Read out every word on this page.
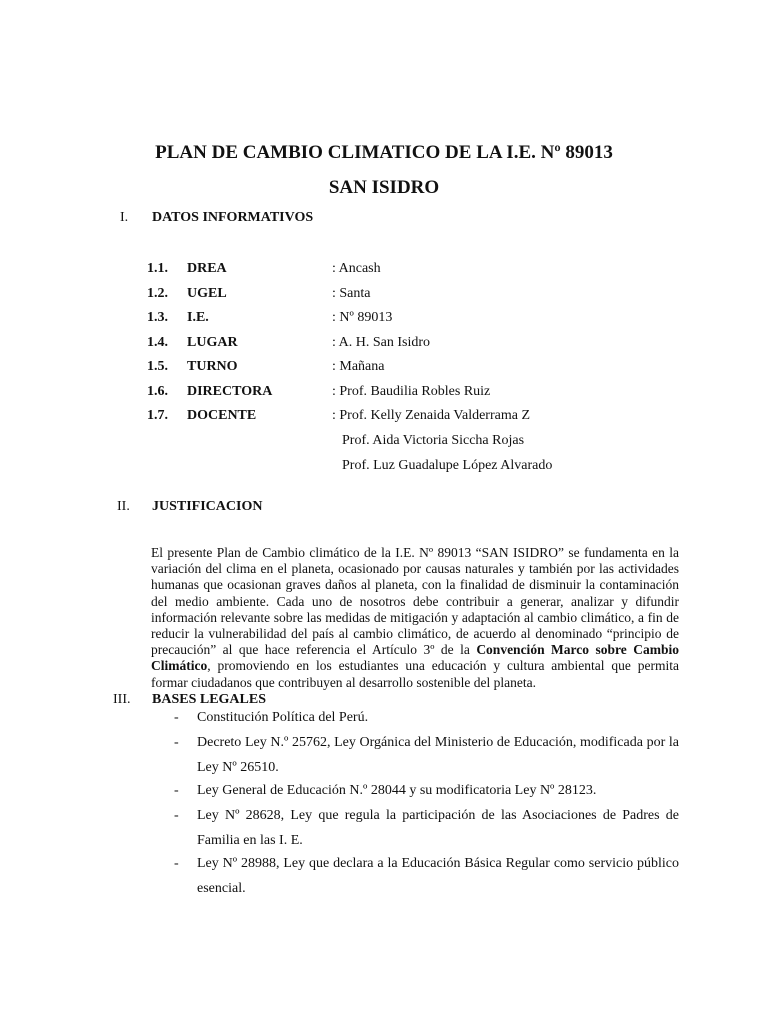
PLAN DE CAMBIO CLIMATICO DE LA I.E. Nº 89013
SAN ISIDRO
I. DATOS INFORMATIVOS
1.1. DREA	: Ancash
1.2. UGEL	: Santa
1.3. I.E.	: Nº 89013
1.4. LUGAR	: A. H. San Isidro
1.5. TURNO	: Mañana
1.6. DIRECTORA	: Prof. Baudilia Robles Ruiz
1.7. DOCENTE	: Prof. Kelly Zenaida Valderrama Z
Prof. Aida Victoria Siccha Rojas
Prof. Luz Guadalupe López Alvarado
II. JUSTIFICACION

El presente Plan de Cambio climático de la I.E. Nº 89013 “SAN ISIDRO” se fundamenta en la variación del clima en el planeta, ocasionado por causas naturales y también por las actividades humanas que ocasionan graves daños al planeta, con la finalidad de disminuir la contaminación del medio ambiente. Cada uno de nosotros debe contribuir a generar, analizar y difundir información relevante sobre las medidas de mitigación y adaptación al cambio climático, a fin de reducir la vulnerabilidad del país al cambio climático, de acuerdo al denominado “principio de precaución” al que hace referencia el Artículo 3º de la Convención Marco sobre Cambio Climático, promoviendo en los estudiantes una educación y cultura ambiental que permita formar ciudadanos que contribuyen al desarrollo sostenible del planeta.

III. BASES LEGALES
- Constitución Política del Perú.
- Decreto Ley N.º 25762, Ley Orgánica del Ministerio de Educación, modificada por la Ley Nº 26510.
- Ley General de Educación N.º 28044 y su modificatoria Ley Nº 28123.
- Ley Nº 28628, Ley que regula la participación de las Asociaciones de Padres de Familia en las I. E.
- Ley Nº 28988, Ley que declara a la Educación Básica Regular como servicio público esencial.
